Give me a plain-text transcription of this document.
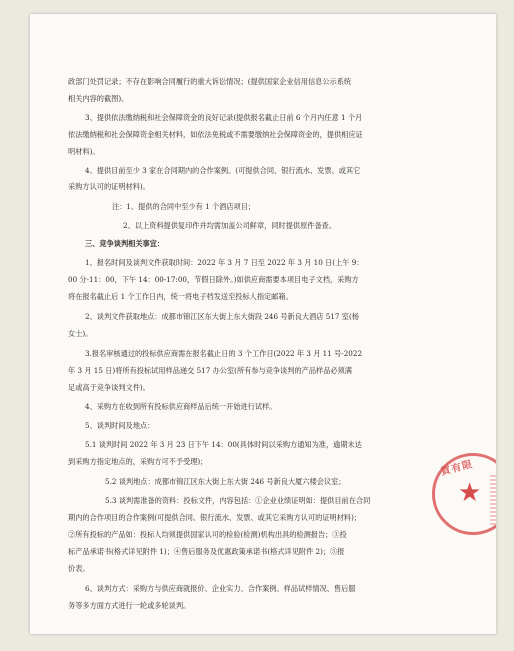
政部门处罚记录；不存在影响合同履行的重大诉讼情况；(提供国家企业信用信息公示系统
相关内容的截图)。
3、提供依法缴纳税和社会保障资金的良好记录(提供报名截止日前 6 个月内任意 1 个月
依法缴纳税和社会保障资金相关材料，如依法免税或不需要缴纳社会保障资金的，提供相应证
明材料)。
4、提供目前至少 3 家在合同期内的合作案例。(可提供合同、银行流水、发票、或其它
采购方认可的证明材料)。
注：1、提供的合同中至少有 1 个酒店项目；
2、以上资料提供复印件并均需加盖公司鲜章，同时提供原件备查。
三、竞争谈判相关事宜：
1、报名时间及谈判文件获取时间：2022 年 3 月 7 日至 2022 年 3 月 10 日(上午 9：
00 分-11：00，下午 14：00-17:00，节假日除外。)如供应商需要本项目电子文档，采购方
将在报名截止后 1 个工作日内，统一将电子档发送至投标人指定邮箱。
2、谈判文件获取地点：成都市锦江区东大街上东大街段 246 号新良大酒店 517 室(杨
女士)。
3.报名审核通过的投标供应商需在报名截止日的 3 个工作日(2022 年 3 月 11 号-2022
年 3 月 15 日)将所有投标试用样品递交 517 办公室(所有参与竞争谈判的产品样品必须满
足或高于竞争谈判文件)。
4、采购方在收到所有投标供应商样品后统一开始进行试样。
5、谈判时间及地点：
5.1 谈判时间 2022 年 3 月 23 日下午 14：00(具体时间以采购方通知为准，逾期未达
到采购方指定地点的，采购方可不予受理)；
5.2 谈判地点：成都市锦江区东大街上东大街 246 号新良大厦六楼会议室；
5.3 谈判需准备的资料：投标文件，内容包括：①企业业绩证明如：提供目前在合同
期内的合作项目的合作案例(可提供合同、银行流水、发票、或其它采购方认可的证明材料)；
②所有投标的产品如：投标人均须提供国家认可的检验(检测)机构出具的检测报告；③投
标产品承诺书(格式详见附件 1)；④售后服务及优惠政策承诺书(格式详见附件 2)；⑤报
价表。
6、谈判方式：采购方与供应商就报价、企业实力、合作案例、样品试样情况、售后服
务等多方面方式进行一轮或多轮谈判。
貢有限
★
